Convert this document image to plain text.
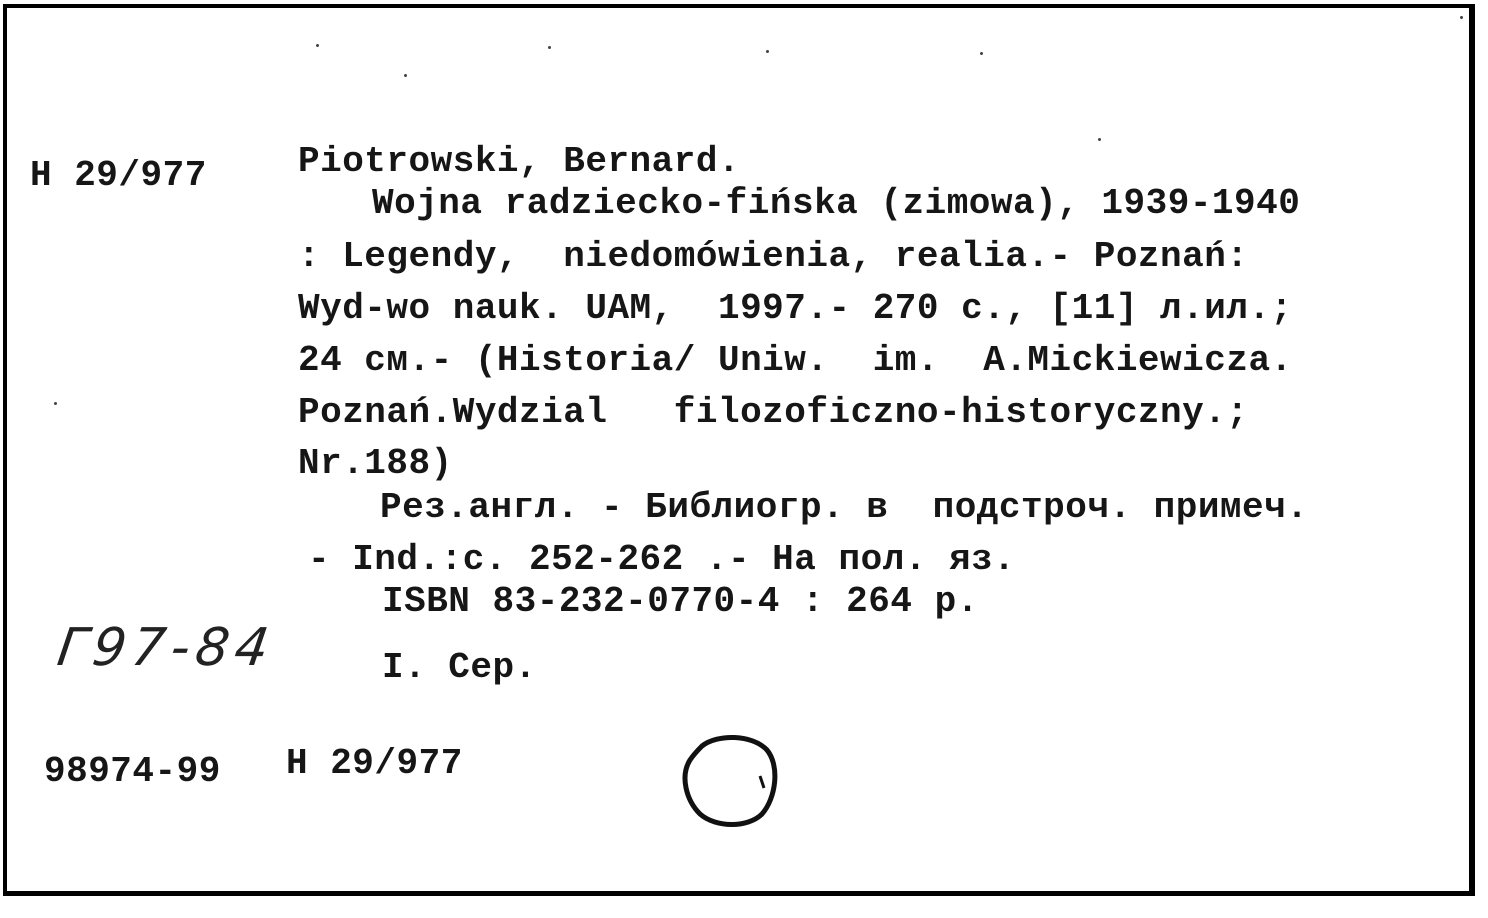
H 29/977	Piotrowski, Bernard.
Wojna radziecko-fińska (zimowa), 1939-1940
: Legendy,  niedomówienia, realia.- Poznań:
Wyd-wo nauk. UAM,  1997.- 270 с., [11] л.ил.;
24 см.- (Historia/ Uniw.  im.  A.Mickiewicza.
Poznań.Wydzial   filozoficzno-historyczny.;
Nr.188)
Рез.англ. - Библиогр. в  подстроч. примеч.
- Ind.:c. 252-262 .- На пол. яз.
ISBN 83-232-0770-4 : 264 р.
I. Сер.
Г97-84
98974-99 H 29/977
